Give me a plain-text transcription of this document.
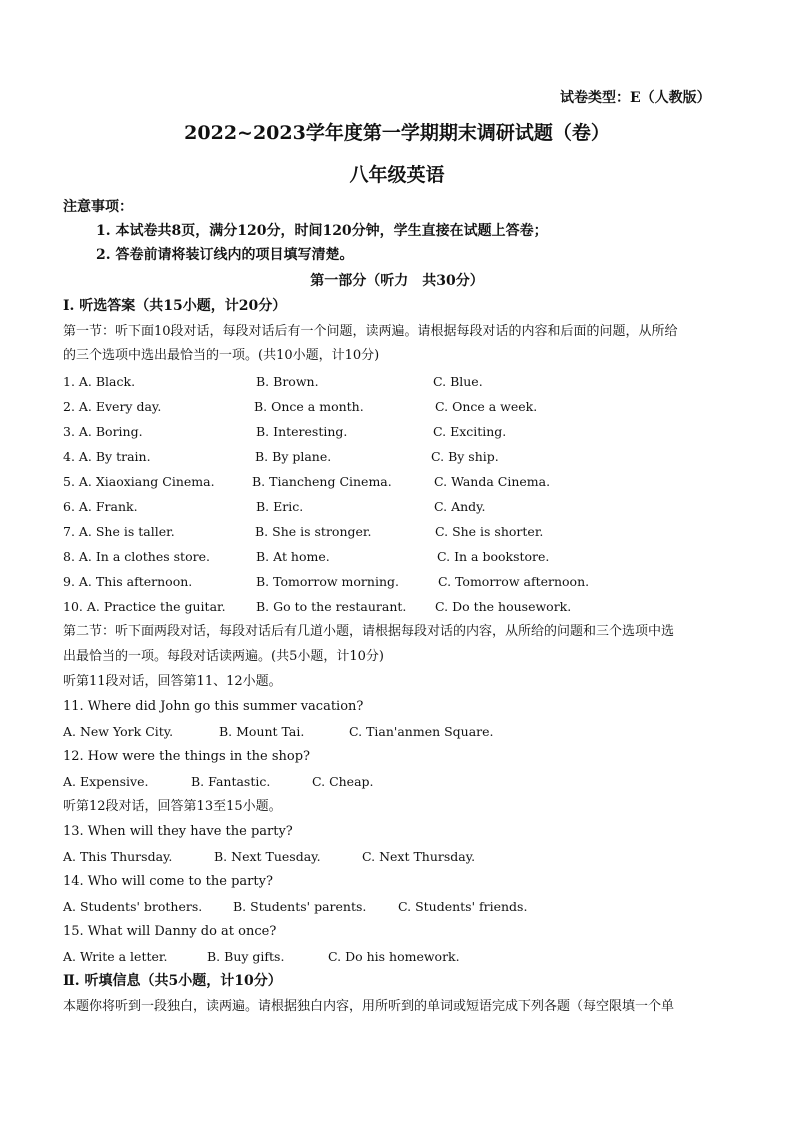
试卷类型：E（人教版）
2022~2023学年度第一学期期末调研试题（卷）
八年级英语
注意事项：
1. 本试卷共8页，满分120分，时间120分钟，学生直接在试题上答卷；
2. 答卷前请将装订线内的项目填写清楚。
第一部分（听力　共30分）
I. 听选答案（共15小题，计20分）
第一节：听下面10段对话，每段对话后有一个问题，读两遍。请根据每段对话的内容和后面的问题，从所给
的三个选项中选出最恰当的一项。(共10小题，计10分)
1. A. Black.	B. Brown.	C. Blue.
2. A. Every day.	B. Once a month.	C. Once a week.
3. A. Boring.	B. Interesting.	C. Exciting.
4. A. By train.	B. By plane.	C. By ship.
5. A. Xiaoxiang Cinema.	B. Tiancheng Cinema.	C. Wanda Cinema.
6. A. Frank.	B. Eric.	C. Andy.
7. A. She is taller.	B. She is stronger.	C. She is shorter.
8. A. In a clothes store.	B. At home.	C. In a bookstore.
9. A. This afternoon.	B. Tomorrow morning.	C. Tomorrow afternoon.
10. A. Practice the guitar. B. Go to the restaurant. C. Do the housework.
第二节：听下面两段对话，每段对话后有几道小题，请根据每段对话的内容，从所给的问题和三个选项中选
出最恰当的一项。每段对话读两遍。(共5小题，计10分)
听第11段对话，回答第11、12小题。
11. Where did John go this summer vacation?
A. New York City.	B. Mount Tai.	C. Tian'anmen Square.
12. How were the things in the shop?
A. Expensive.	B. Fantastic.	C. Cheap.
听第12段对话，回答第13至15小题。
13. When will they have the party?
A. This Thursday.	B. Next Tuesday.	C. Next Thursday.
14. Who will come to the party?
A. Students' brothers. B. Students' parents.	C. Students' friends.
15. What will Danny do at once?
A. Write a letter.	B. Buy gifts.	C. Do his homework.
Ⅱ. 听填信息（共5小题，计10分）
本题你将听到一段独白，读两遍。请根据独白内容，用所听到的单词或短语完成下列各题（每空限填一个单
